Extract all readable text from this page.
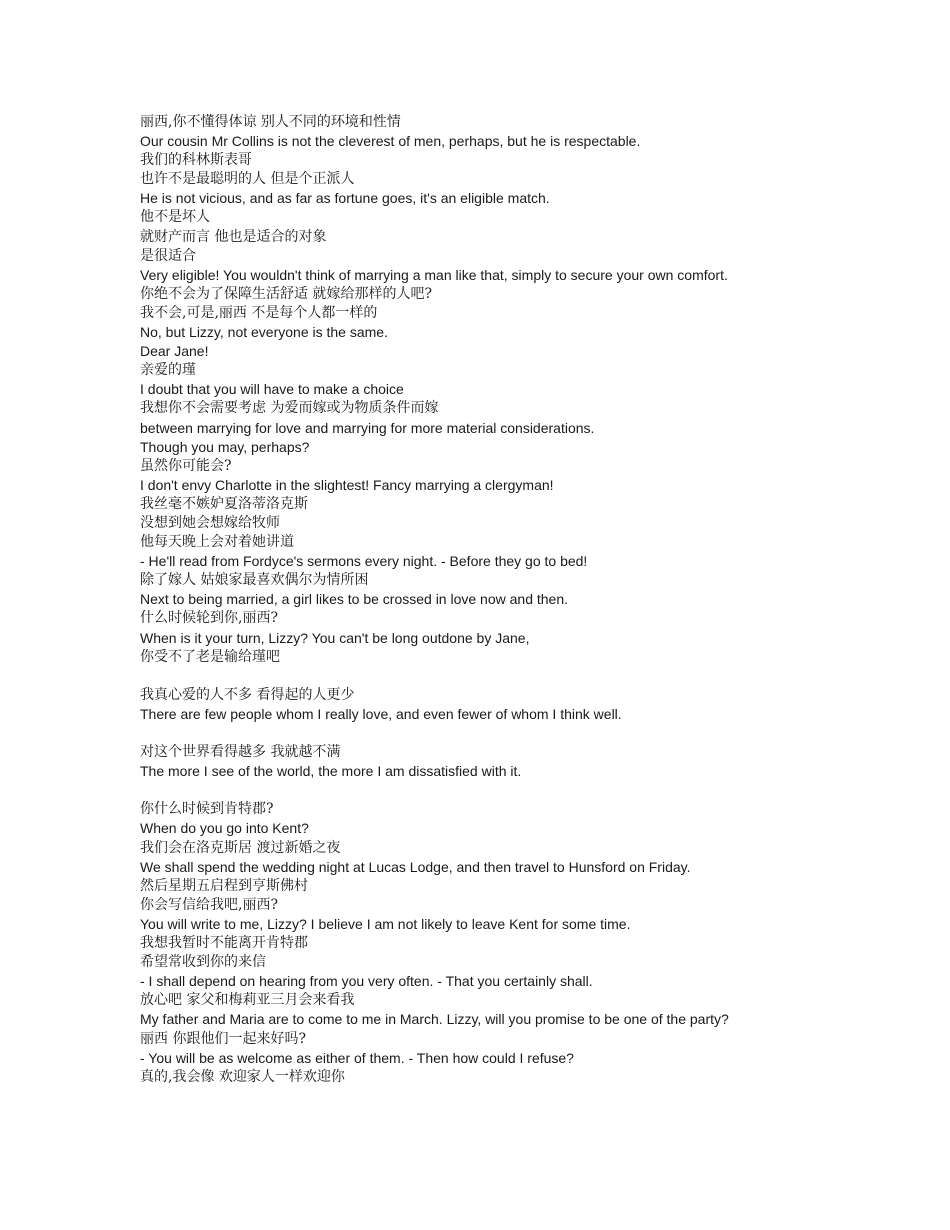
丽西,你不懂得体谅 别人不同的环境和性情
Our cousin Mr Collins is not the cleverest of men, perhaps, but he is respectable.
我们的科林斯表哥
也许不是最聪明的人 但是个正派人
He is not vicious, and as far as fortune goes, it's an eligible match.
他不是坏人
就财产而言 他也是适合的对象
是很适合
Very eligible! You wouldn't think of marrying a man like that, simply to secure your own comfort.
你绝不会为了保障生活舒适 就嫁给那样的人吧?
我不会,可是,丽西 不是每个人都一样的
No, but Lizzy, not everyone is the same.
Dear Jane!
亲爱的瑾
I doubt that you will have to make a choice
我想你不会需要考虑 为爱而嫁或为物质条件而嫁
between marrying for love and marrying for more material considerations.
Though you may, perhaps?
虽然你可能会?
I don't envy Charlotte in the slightest! Fancy marrying a clergyman!
我丝毫不嫉妒夏洛蒂洛克斯
没想到她会想嫁给牧师
他每天晚上会对着她讲道
- He'll read from Fordyce's sermons every night. - Before they go to bed!
除了嫁人 姑娘家最喜欢偶尔为情所困
Next to being married, a girl likes to be crossed in love now and then.
什么时候轮到你,丽西?
When is it your turn, Lizzy? You can't be long outdone by Jane,
你受不了老是输给瑾吧
我真心爱的人不多 看得起的人更少
There are few people whom I really love, and even fewer of whom I think well.
对这个世界看得越多 我就越不满
The more I see of the world, the more I am dissatisfied with it.
你什么时候到肯特郡?
When do you go into Kent?
我们会在洛克斯居 渡过新婚之夜
We shall spend the wedding night at Lucas Lodge, and then travel to Hunsford on Friday.
然后星期五启程到亨斯佛村
你会写信给我吧,丽西?
You will write to me, Lizzy? I believe I am not likely to leave Kent for some time.
我想我暂时不能离开肯特郡
希望常收到你的来信
- I shall depend on hearing from you very often. - That you certainly shall.
放心吧 家父和梅莉亚三月会来看我
My father and Maria are to come to me in March. Lizzy, will you promise to be one of the party?
丽西 你跟他们一起来好吗?
- You will be as welcome as either of them. - Then how could I refuse?
真的,我会像 欢迎家人一样欢迎你
